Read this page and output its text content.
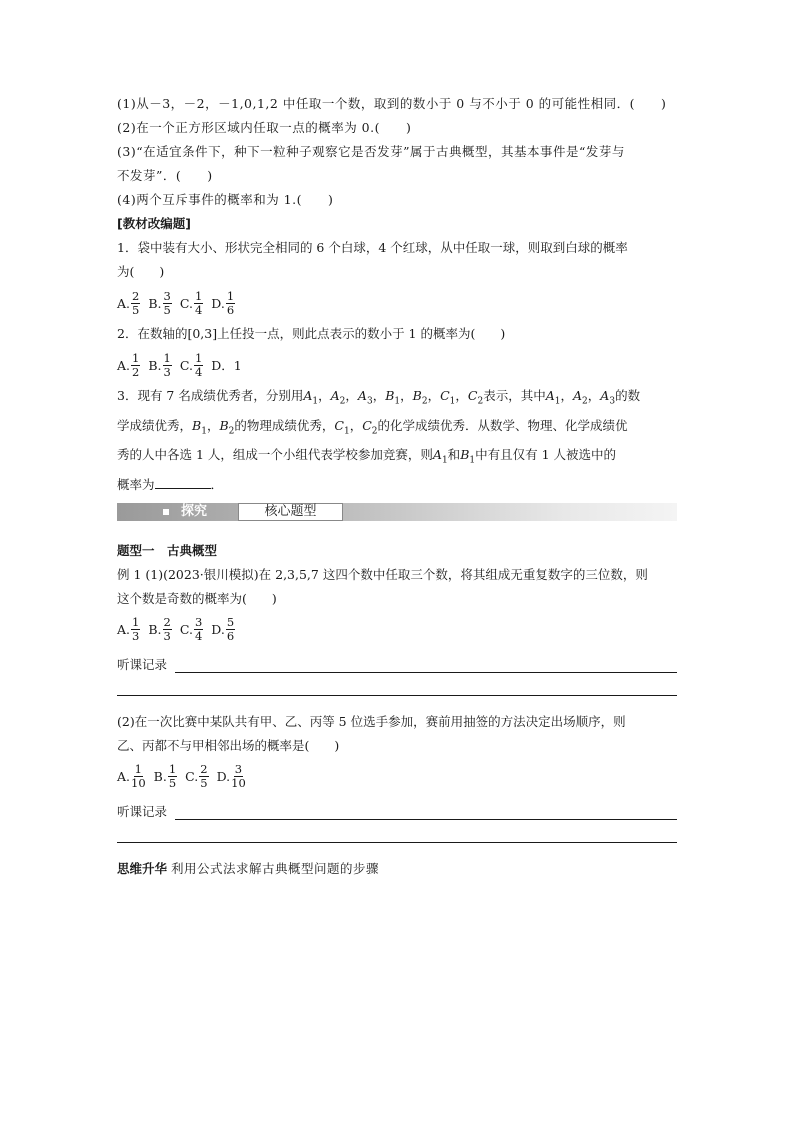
(1)从－3，－2，－1,0,1,2 中任取一个数，取到的数小于 0 与不小于 0 的可能性相同．(　　)
(2)在一个正方形区域内任取一点的概率为 0.(　　)
(3)“在适宜条件下，种下一粒种子观察它是否发芽”属于古典概型，其基本事件是“发芽与
不发芽”．(　　)
(4)两个互斥事件的概率和为 1.(　　)
[教材改编题]
1．袋中装有大小、形状完全相同的 6 个白球，4 个红球，从中任取一球，则取到白球的概率
为(　　)
A. $\frac{2}{5} B$. $\frac{3}{5} C$. $\frac{1}{4} D$. $\frac{1}{6}$
2．在数轴的[0,3]上任投一点，则此点表示的数小于 1 的概率为(　　)
A. $\frac{1}{2} B$. $\frac{1}{3} C$. $\frac{1}{4}$ D．1
3．现有 7 名成绩优秀者，分别用$A_1$，$A_2$，$A_3$，$B_1$，$B_2$，$C_1$，$C_2$表示，其中$A_1$，$A_2$，$A_3$的数
学成绩优秀，$B_1$，$B_2$的物理成绩优秀，$C_1$，$C_2$的化学成绩优秀．从数学、物理、化学成绩优
秀的人中各选 1 人，组成一个小组代表学校参加竞赛，则$A_1$和$B_1$中有且仅有 1 人被选中的
概率为	．
探究	核心题型
题型一　古典概型
例 1 (1)(2023·银川模拟)在 2,3,5,7 这四个数中任取三个数，将其组成无重复数字的三位数，则
这个数是奇数的概率为(　　)
A. $\frac{1}{3} B$. $\frac{2}{3} C$. $\frac{3}{4} D$. $\frac{5}{6}$
听课记录
(2)在一次比赛中某队共有甲、乙、丙等 5 位选手参加，赛前用抽签的方法决定出场顺序，则
乙、丙都不与甲相邻出场的概率是(　　)
A. $\frac{1}{10} B$. $\frac{1}{5} C$. $\frac{2}{5} D$. $\frac{3}{10}$
听课记录
思维升华 利用公式法求解古典概型问题的步骤
